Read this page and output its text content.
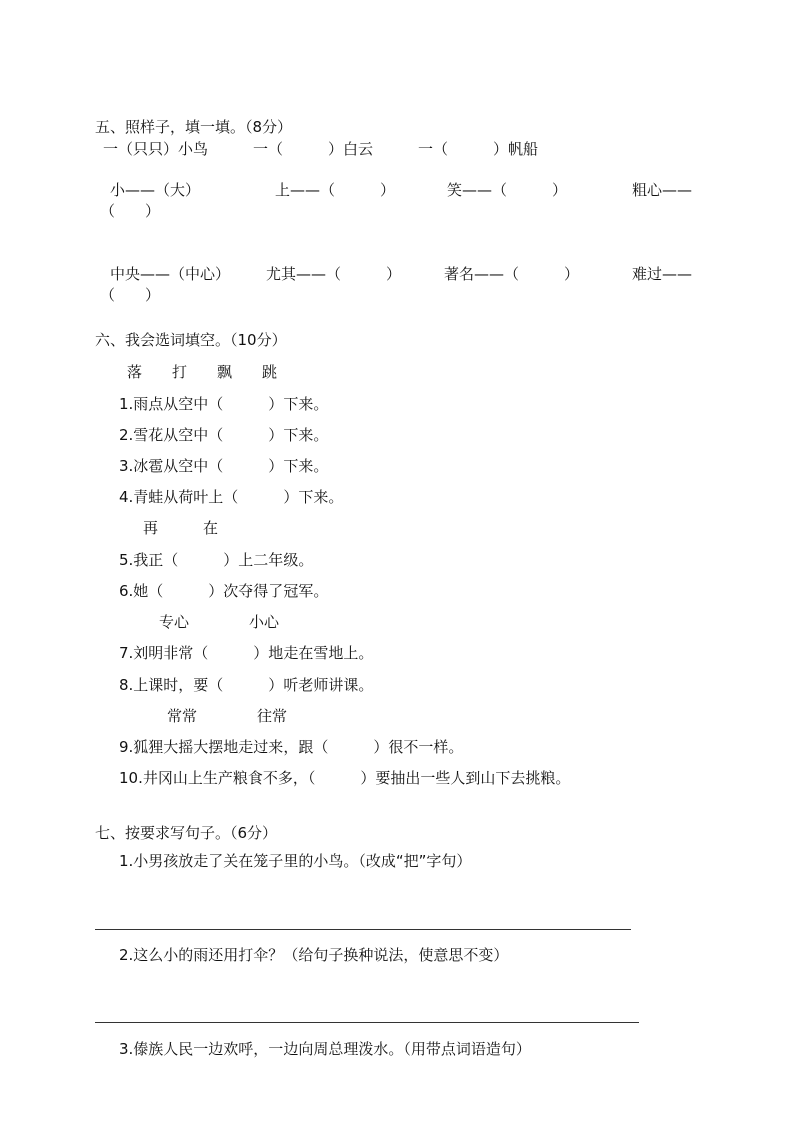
五、照样子，填一填。（8分）
一（只只）小鸟　　　一（　　　）白云　　　一（　　　）帆船
小——（大）	上——（　　　）	笑——（　　　）	粗心——
（　　）
中央——（中心） 尤其——（　　　）	著名——（　　　）	难过——
（　　）
六、我会选词填空。（10分）
落　　打　　飘　　跳
1.雨点从空中（　　　）下来。
2.雪花从空中（　　　）下来。
3.冰雹从空中（　　　）下来。
4.青蛙从荷叶上（　　　）下来。
再　　　在
5.我正（　　　）上二年级。
6.她（　　　）次夺得了冠军。
专心　　　　小心
7.刘明非常（　　　）地走在雪地上。
8.上课时，要（　　　）听老师讲课。
常常　　　　往常
9.狐狸大摇大摆地走过来，跟（　　　）很不一样。
10.井冈山上生产粮食不多，（　　　）要抽出一些人到山下去挑粮。
七、按要求写句子。（6分）
1.小男孩放走了关在笼子里的小鸟。（改成“把”字句）
2.这么小的雨还用打伞？（给句子换种说法，使意思不变）
3.傣族人民一边欢呼，一边向周总理泼水。（用带点词语造句）
